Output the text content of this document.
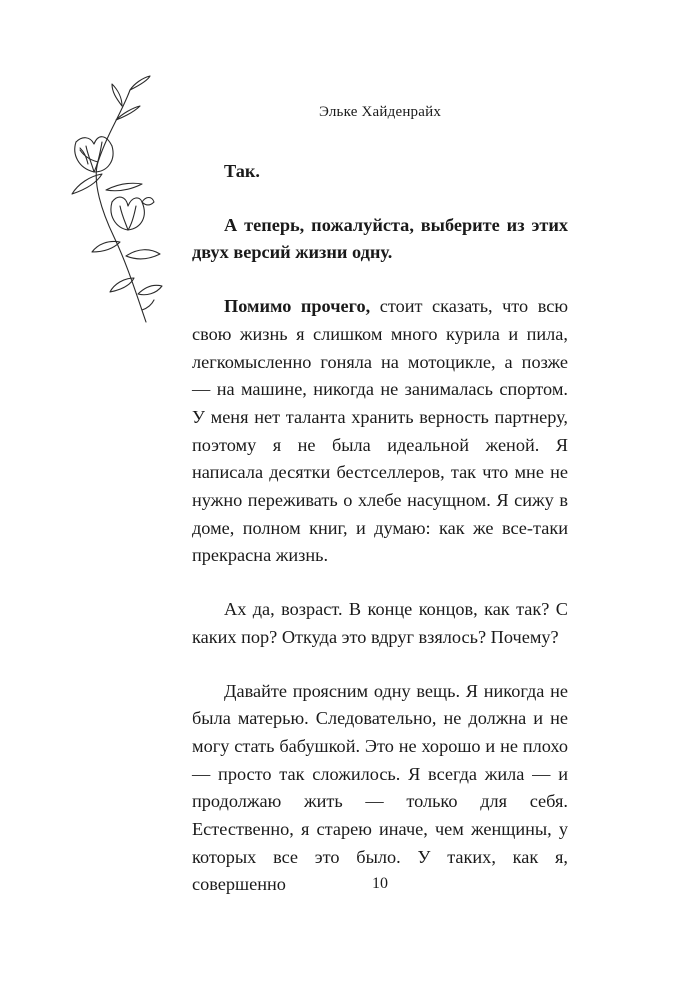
Эльке Хайденрайх

Так.

А теперь, пожалуйста, выберите из этих двух версий жизни одну.

Помимо прочего, стоит сказать, что всю свою жизнь я слишком много курила и пила, легкомысленно гоняла на мотоцикле, а позже — на машине, никогда не занималась спортом. У меня нет таланта хранить верность партнеру, поэтому я не была идеальной женой. Я написала десятки бестселлеров, так что мне не нужно переживать о хлебе насущном. Я сижу в доме, полном книг, и думаю: как же все-таки прекрасна жизнь.

Ах да, возраст. В конце концов, как так? С каких пор? Откуда это вдруг взялось? Почему?

Давайте проясним одну вещь. Я никогда не была матерью. Следовательно, не должна и не могу стать бабушкой. Это не хорошо и не плохо — просто так сложилось. Я всегда жила — и продолжаю жить — только для себя. Естественно, я старею иначе, чем женщины, у которых все это было. У таких, как я, совершенно	10
